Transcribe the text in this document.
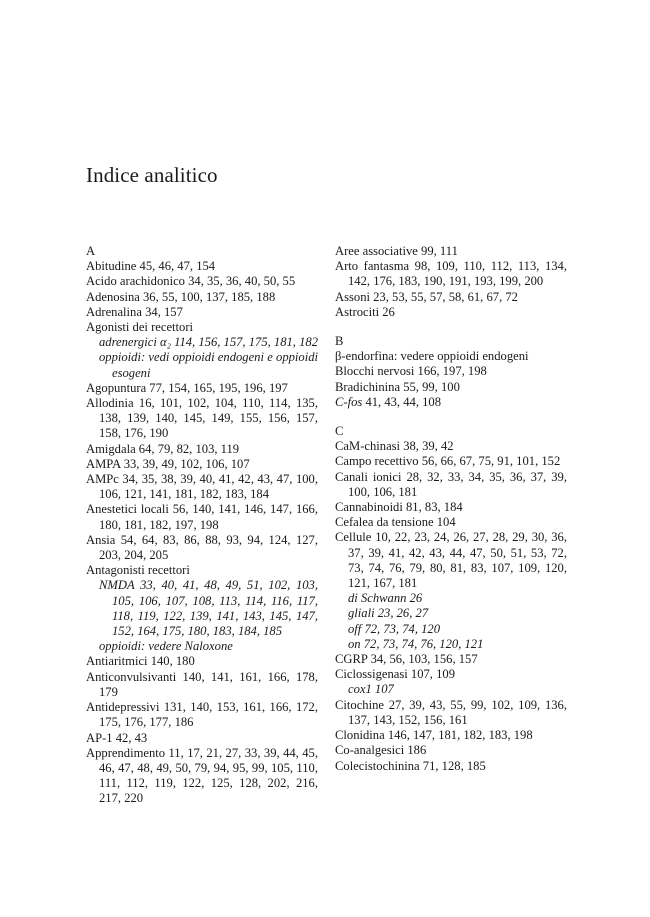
Indice analitico
A
Abitudine 45, 46, 47, 154
Acido arachidonico 34, 35, 36, 40, 50, 55
Adenosina 36, 55, 100, 137, 185, 188
Adrenalina 34, 157
Agonisti dei recettori
adrenergici α₂ 114, 156, 157, 175, 181, 182
oppioidi: vedi oppioidi endogeni e oppioidi esogeni
Agopuntura 77, 154, 165, 195, 196, 197
Allodinia 16, 101, 102, 104, 110, 114, 135, 138, 139, 140, 145, 149, 155, 156, 157, 158, 176, 190
Amigdala 64, 79, 82, 103, 119
AMPA 33, 39, 49, 102, 106, 107
AMPc 34, 35, 38, 39, 40, 41, 42, 43, 47, 100, 106, 121, 141, 181, 182, 183, 184
Anestetici locali 56, 140, 141, 146, 147, 166, 180, 181, 182, 197, 198
Ansia 54, 64, 83, 86, 88, 93, 94, 124, 127, 203, 204, 205
Antagonisti recettori
NMDA 33, 40, 41, 48, 49, 51, 102, 103, 105, 106, 107, 108, 113, 114, 116, 117, 118, 119, 122, 139, 141, 143, 145, 147, 152, 164, 175, 180, 183, 184, 185
oppioidi: vedere Naloxone
Antiaritmici 140, 180
Anticonvulsivanti 140, 141, 161, 166, 178, 179
Antidepressivi 131, 140, 153, 161, 166, 172, 175, 176, 177, 186
AP-1 42, 43
Apprendimento 11, 17, 21, 27, 33, 39, 44, 45, 46, 47, 48, 49, 50, 79, 94, 95, 99, 105, 110, 111, 112, 119, 122, 125, 128, 202, 216, 217, 220
Aree associative 99, 111
Arto fantasma 98, 109, 110, 112, 113, 134, 142, 176, 183, 190, 191, 193, 199, 200
Assoni 23, 53, 55, 57, 58, 61, 67, 72
Astrociti 26
B
β-endorfina: vedere oppioidi endogeni
Blocchi nervosi 166, 197, 198
Bradichinina 55, 99, 100
C-fos 41, 43, 44, 108
C
CaM-chinasi 38, 39, 42
Campo recettivo 56, 66, 67, 75, 91, 101, 152
Canali ionici 28, 32, 33, 34, 35, 36, 37, 39, 100, 106, 181
Cannabinoidi 81, 83, 184
Cefalea da tensione 104
Cellule 10, 22, 23, 24, 26, 27, 28, 29, 30, 36, 37, 39, 41, 42, 43, 44, 47, 50, 51, 53, 72, 73, 74, 76, 79, 80, 81, 83, 107, 109, 120, 121, 167, 181
di Schwann 26
gliali 23, 26, 27
off 72, 73, 74, 120
on 72, 73, 74, 76, 120, 121
CGRP 34, 56, 103, 156, 157
Ciclossigenasi 107, 109
cox1 107
Citochine 27, 39, 43, 55, 99, 102, 109, 136, 137, 143, 152, 156, 161
Clonidina 146, 147, 181, 182, 183, 198
Co-analgesici 186
Colecistochinina 71, 128, 185
